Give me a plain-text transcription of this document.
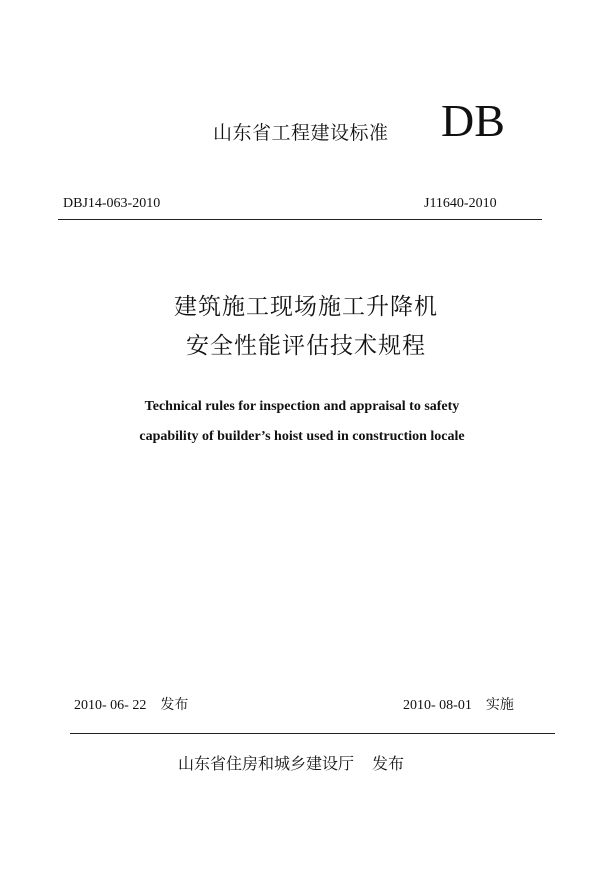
山东省工程建设标准 DB
DBJ14-063-2010	J11640-2010
建筑施工现场施工升降机
安全性能评估技术规程
Technical rules for inspection and appraisal to safety
capability of builder’s hoist used in construction locale
2010- 06- 22 发布	2010- 08-01 实施
山东省住房和城乡建设厅 发布
